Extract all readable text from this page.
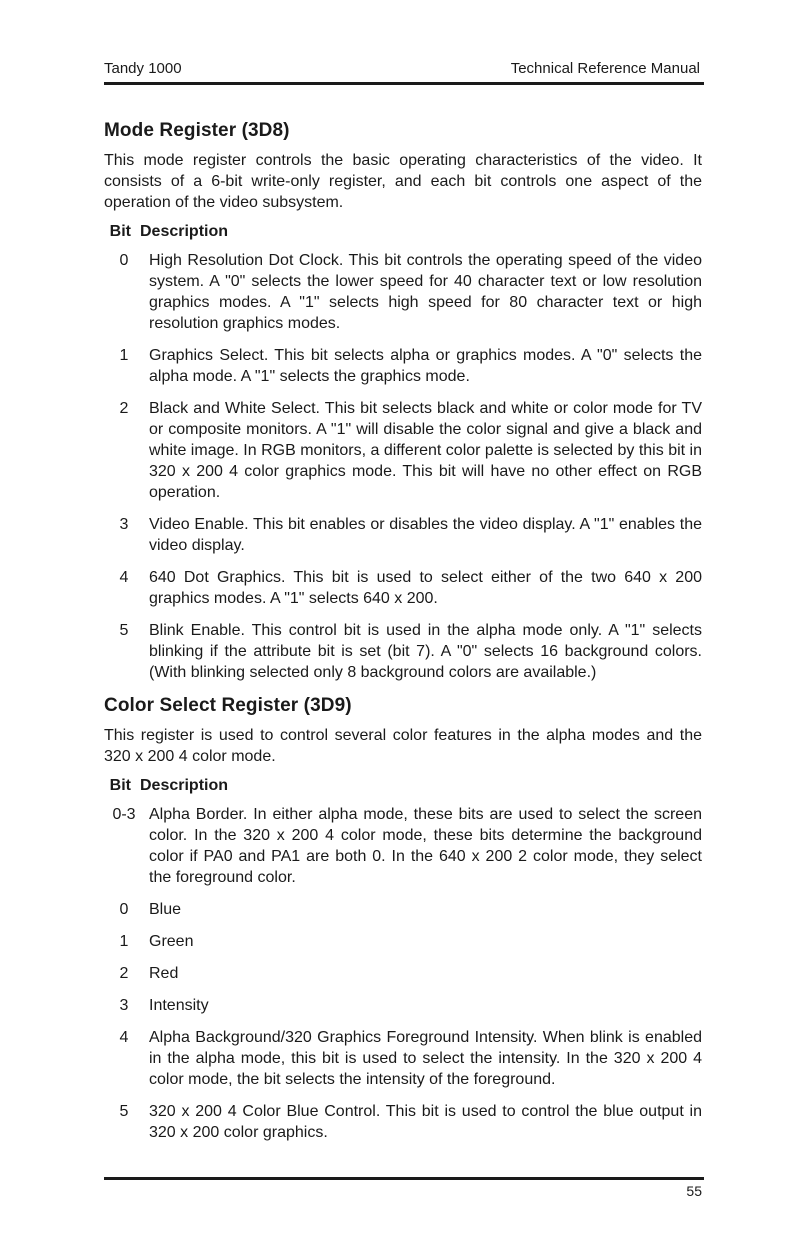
Tandy 1000	Technical Reference Manual
Mode Register (3D8)

This mode register controls the basic operating characteristics of the video. It consists of a 6-bit write-only register, and each bit controls one aspect of the operation of the video subsystem.

Bit Description
0	High Resolution Dot Clock. This bit controls the operating speed of the video system. A "0" selects the lower speed for 40 character text or low resolution graphics modes. A "1" selects high speed for 80 character text or high resolution graphics modes.
1	Graphics Select. This bit selects alpha or graphics modes. A "0" selects the alpha mode. A "1" selects the graphics mode.
2	Black and White Select. This bit selects black and white or color mode for TV or composite monitors. A "1" will disable the color signal and give a black and white image. In RGB monitors, a different color palette is selected by this bit in 320 x 200 4 color graphics mode. This bit will have no other effect on RGB operation.
3	Video Enable. This bit enables or disables the video display. A "1" enables the video display.
4	640 Dot Graphics. This bit is used to select either of the two 640 x 200 graphics modes. A "1" selects 640 x 200.
5	Blink Enable. This control bit is used in the alpha mode only. A "1" selects blinking if the attribute bit is set (bit 7). A "0" selects 16 background colors. (With blinking selected only 8 background colors are available.)
Color Select Register (3D9)

This register is used to control several color features in the alpha modes and the 320 x 200 4 color mode.

Bit Description
0-3 Alpha Border. In either alpha mode, these bits are used to select the screen color. In the 320 x 200 4 color mode, these bits determine the background color if PA0 and PA1 are both 0. In the 640 x 200 2 color mode, they select the foreground color.
0	Blue
1	Green
2	Red
3	Intensity
4	Alpha Background/320 Graphics Foreground Intensity. When blink is enabled in the alpha mode, this bit is used to select the intensity. In the 320 x 200 4 color mode, the bit selects the intensity of the foreground.
5	320 x 200 4 Color Blue Control. This bit is used to control the blue output in 320 x 200 color graphics.
55
